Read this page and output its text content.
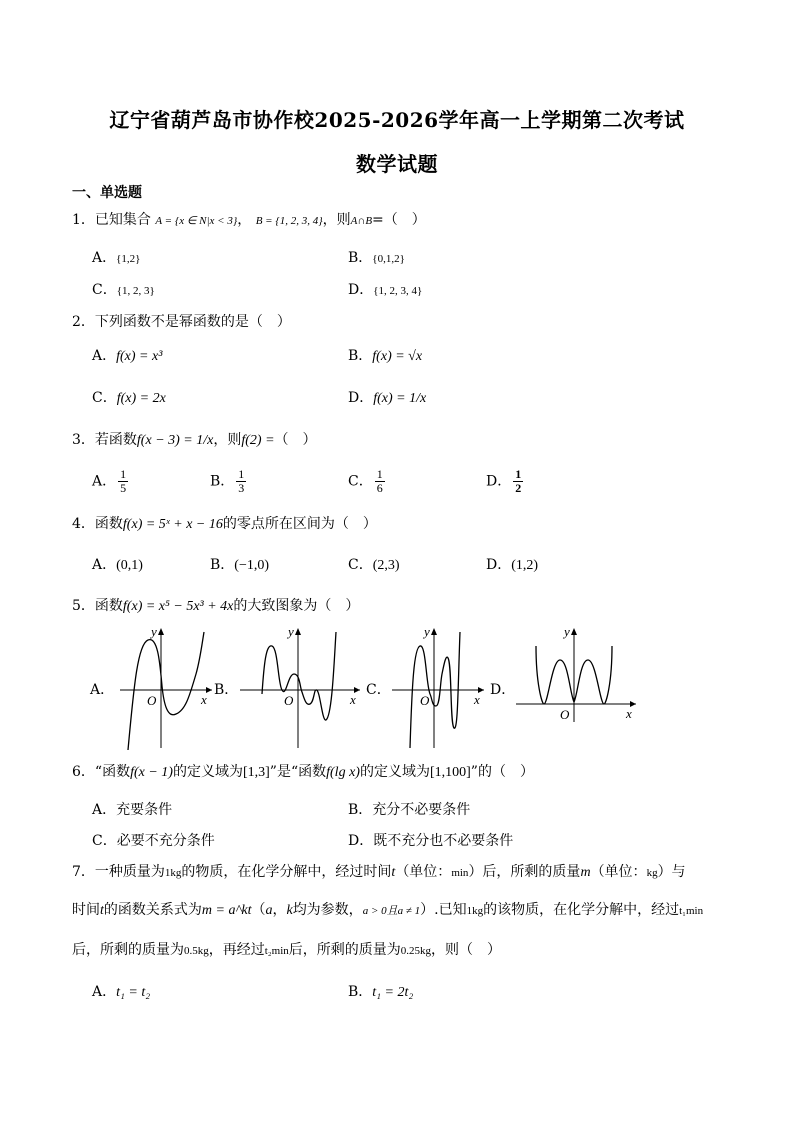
辽宁省葫芦岛市协作校2025-2026学年高一上学期第二次考试
数学试题
一、单选题
1．已知集合 A = {x ∈ N|x < 3}， B = {1, 2, 3, 4}，则A∩B=（　）
A．{1,2}	B．{0,1,2}
C．{1, 2, 3}	D．{1, 2, 3, 4}
2．下列函数不是幂函数的是（　）
A．f(x) = x³	B．f(x) = √x
C．f(x) = 2x	D．f(x) = 1/x
3．若函数f(x − 3) = 1/x，则f(2) =（　）
A． $\frac{1}{5}$	B． $\frac{1}{3}$	C． $\frac{1}{6}$	D． $\frac{1}{2}$
4．函数f(x) = 5ˣ + x − 16的零点所在区间为（　）
A．(0,1)	B．(−1,0)	C．(2,3)	D．(1,2)
5．函数f(x) = x⁵ − 5x³ + 4x的大致图象为（　）
A．	B．	C．	D．
y
x
O
y
x
O
y
x
O
y
x
O
6．“函数f(x − 1)的定义域为[1,3]”是“函数f(lg x)的定义域为[1,100]”的（　）
A．充要条件	B．充分不必要条件
C．必要不充分条件	D．既不充分也不必要条件
7．一种质量为1kg的物质，在化学分解中，经过时间t（单位：min）后，所剩的质量m（单位：kg）与
时间t的函数关系式为m = a^kt（a，k均为参数，a > 0且a ≠ 1）.已知1kg的该物质，在化学分解中，经过t₁min
后，所剩的质量为0.5kg，再经过t₂min后，所剩的质量为0.25kg，则（　）
A．t₁ = t₂	B．t₁ = 2t₂
